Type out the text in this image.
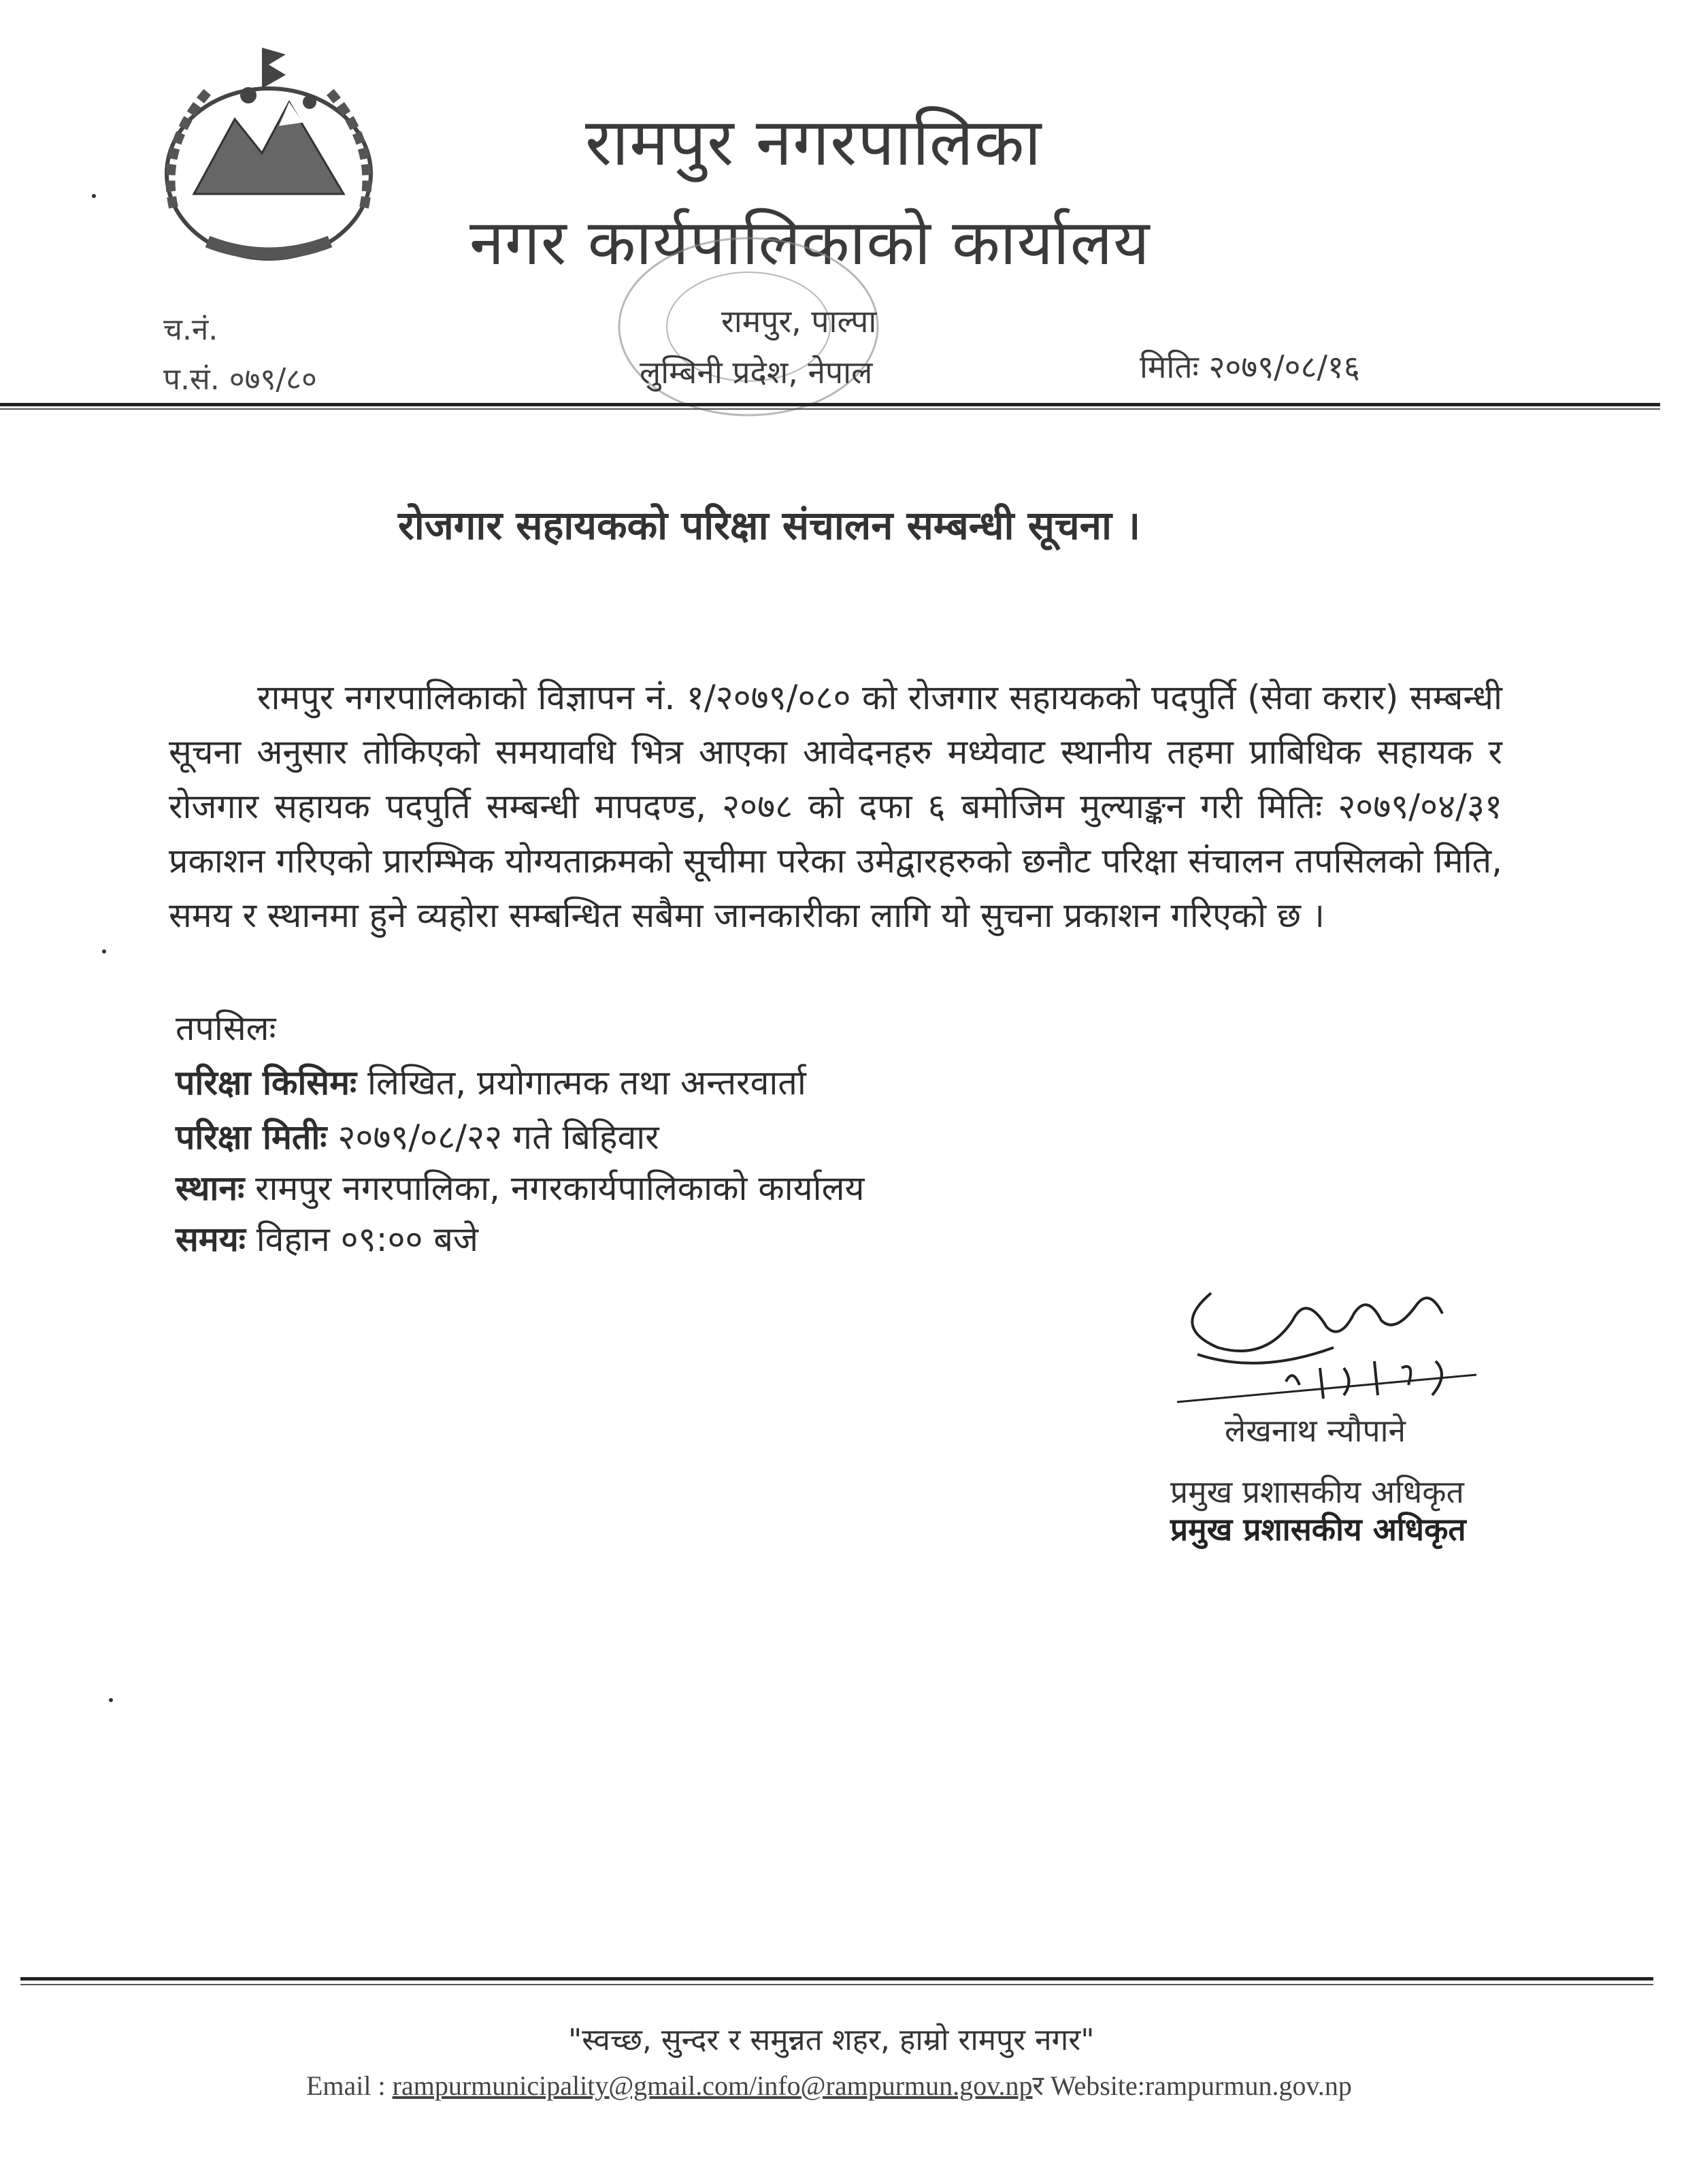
रामपुर नगरपालिका
नगर कार्यपालिकाको कार्यालय
रामपुर, पाल्पा
लुम्बिनी प्रदेश, नेपाल
च.नं.
प.सं. ०७९/८०	मितिः २०७९/०८/१६
रोजगार सहायकको परिक्षा संचालन सम्बन्धी सूचना ।
रामपुर नगरपालिकाको विज्ञापन नं. १/२०७९/०८० को रोजगार सहायकको पदपुर्ति (सेवा करार) सम्बन्धी सूचना अनुसार तोकिएको समयावधि भित्र आएका आवेदनहरु मध्येवाट स्थानीय तहमा प्राबिधिक सहायक र रोजगार सहायक पदपुर्ति सम्बन्धी मापदण्ड, २०७८ को दफा ६ बमोजिम मुल्याङ्कन गरी मितिः २०७९/०४/३१ प्रकाशन गरिएको प्रारम्भिक योग्यताक्रमको सूचीमा परेका उमेद्वारहरुको छनौट परिक्षा संचालन तपसिलको मिति, समय र स्थानमा हुने व्यहोरा सम्बन्धित सबैमा जानकारीका लागि यो सुचना प्रकाशन गरिएको छ ।
तपसिलः
परिक्षा किसिमः लिखित, प्रयोगात्मक तथा अन्तरवार्ता
परिक्षा मितीः २०७९/०८/२२ गते बिहिवार
स्थानः रामपुर नगरपालिका, नगरकार्यपालिकाको कार्यालय
समयः विहान ०९:०० बजे
लेखनाथ न्यौपाने
प्रमुख प्रशासकीय अधिकृत
प्रमुख प्रशासकीय अधिकृत
"स्वच्छ, सुन्दर र समुन्नत शहर, हाम्रो रामपुर नगर"
Email : rampurmunicipality@gmail.com/info@rampurmun.gov.npर Website:rampurmun.gov.np
